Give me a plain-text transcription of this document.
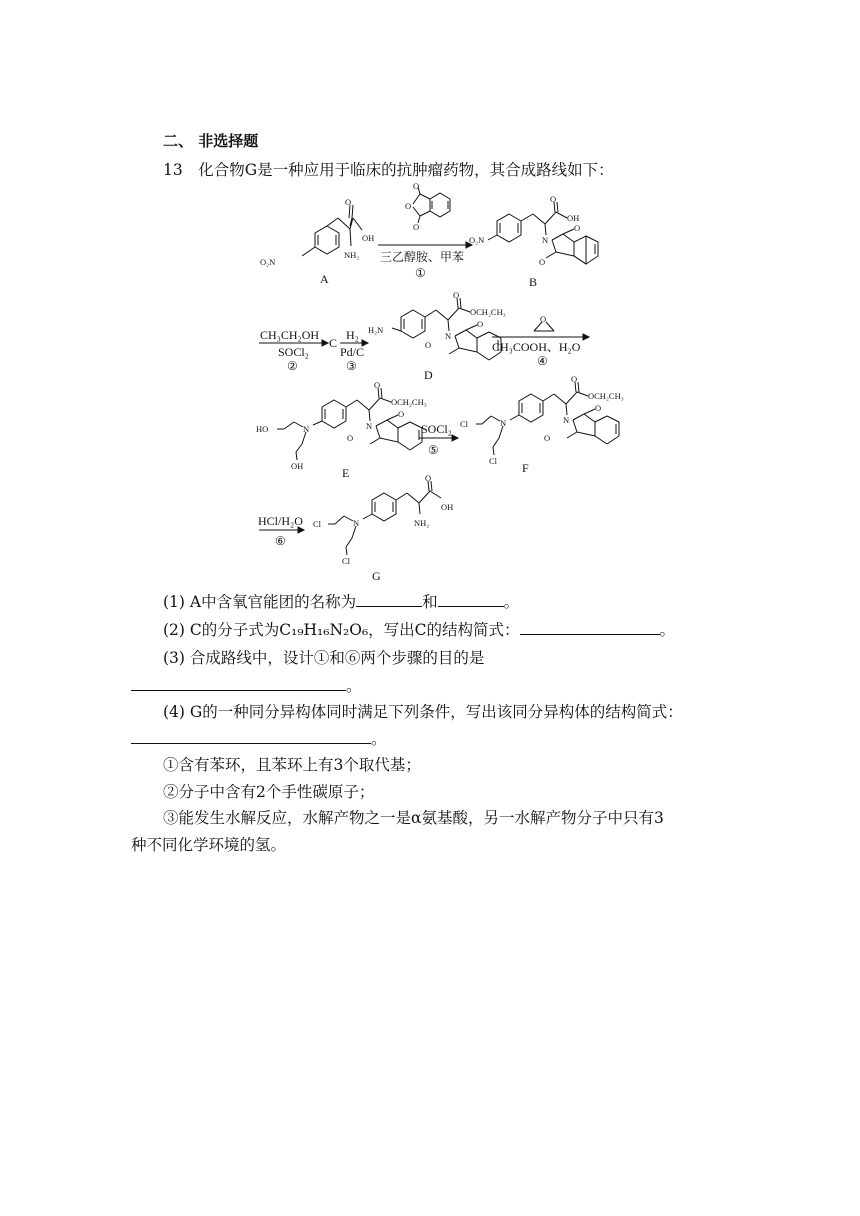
二、 非选择题
13　化合物G是一种应用于临床的抗肿瘤药物，其合成路线如下：
O₂N
O
OH
NH₂
A
O
O
O
三乙醇胺、甲苯
①
O₂N
O
OH
N
O
O
B
CH₃CH₂OH
SOCl₂
②
C
H₂
Pd/C
③
H₂N
O
OCH₂CH₃
N
O
O
D
O
CH₃COOH、H₂O
④
HO	N
OH
O
OCH₂CH₃
N
O
O
E
SOCl₂
⑤
Cl	N
Cl
O
OCH₂CH₃
N
O
O
F
HCl/H₂O
⑥
Cl	N
Cl
O
OH
NH₂
G
(1) A中含氧官能团的名称为	和	。
(2) C的分子式为C₁₉H₁₆N₂O₆，写出C的结构简式：	。
(3) 合成路线中，设计①和⑥两个步骤的目的是
。
(4) G的一种同分异构体同时满足下列条件，写出该同分异构体的结构简式：
。
①含有苯环，且苯环上有3个取代基；
②分子中含有2个手性碳原子；
③能发生水解反应，水解产物之一是α氨基酸，另一水解产物分子中只有3
种不同化学环境的氢。
